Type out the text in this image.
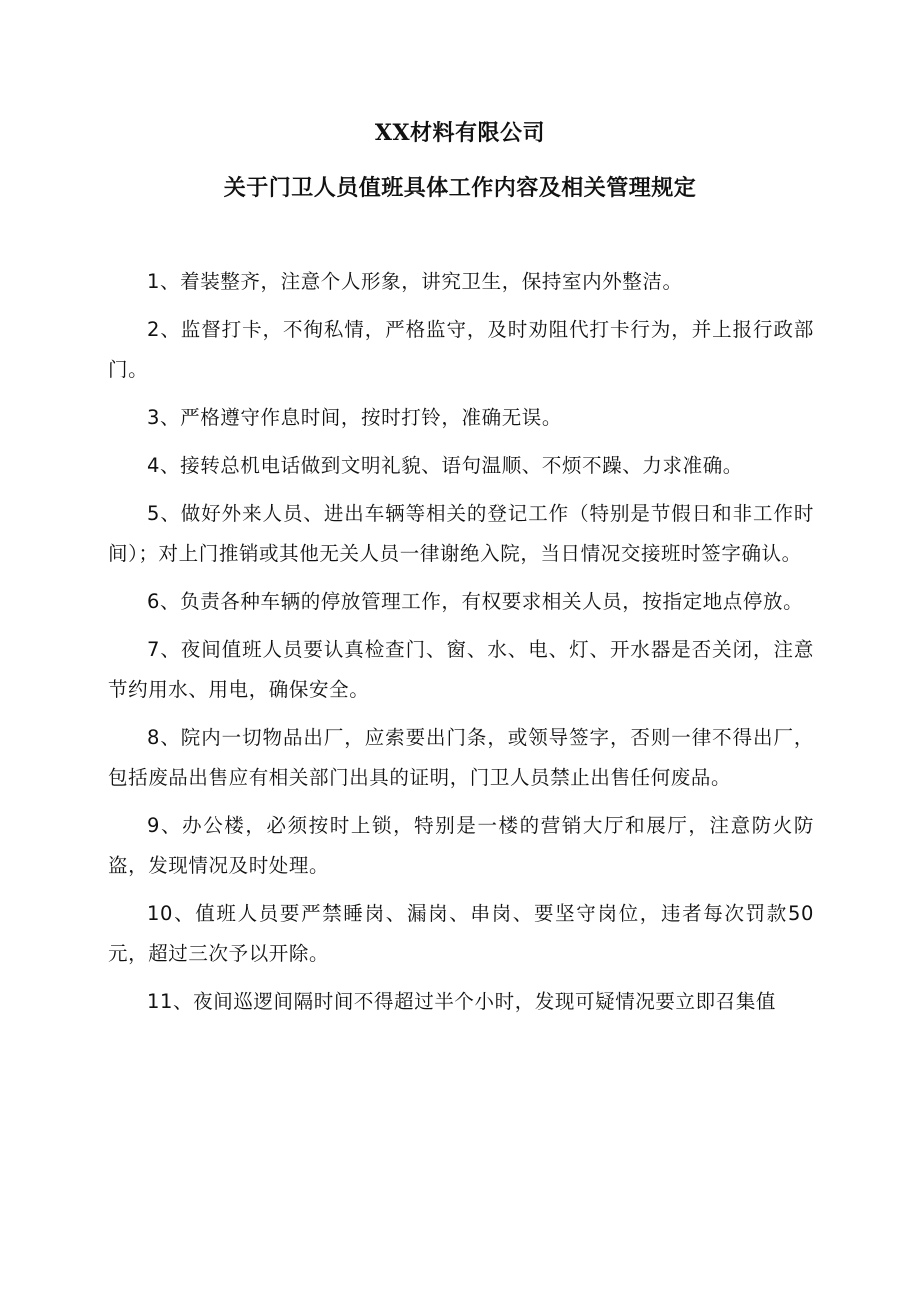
XX材料有限公司
关于门卫人员值班具体工作内容及相关管理规定

1、着装整齐，注意个人形象，讲究卫生，保持室内外整洁。

2、监督打卡，不徇私情，严格监守，及时劝阻代打卡行为，并上报行政部门。

3、严格遵守作息时间，按时打铃，准确无误。

4、接转总机电话做到文明礼貌、语句温顺、不烦不躁、力求准确。

5、做好外来人员、进出车辆等相关的登记工作（特别是节假日和非工作时间）；对上门推销或其他无关人员一律谢绝入院，当日情况交接班时签字确认。

6、负责各种车辆的停放管理工作，有权要求相关人员，按指定地点停放。

7、夜间值班人员要认真检查门、窗、水、电、灯、开水器是否关闭，注意节约用水、用电，确保安全。

8、院内一切物品出厂，应索要出门条，或领导签字，否则一律不得出厂，包括废品出售应有相关部门出具的证明，门卫人员禁止出售任何废品。

9、办公楼，必须按时上锁，特别是一楼的营销大厅和展厅，注意防火防盗，发现情况及时处理。

10、值班人员要严禁睡岗、漏岗、串岗、要坚守岗位，违者每次罚款50元，超过三次予以开除。

11、夜间巡逻间隔时间不得超过半个小时，发现可疑情况要立即召集值
